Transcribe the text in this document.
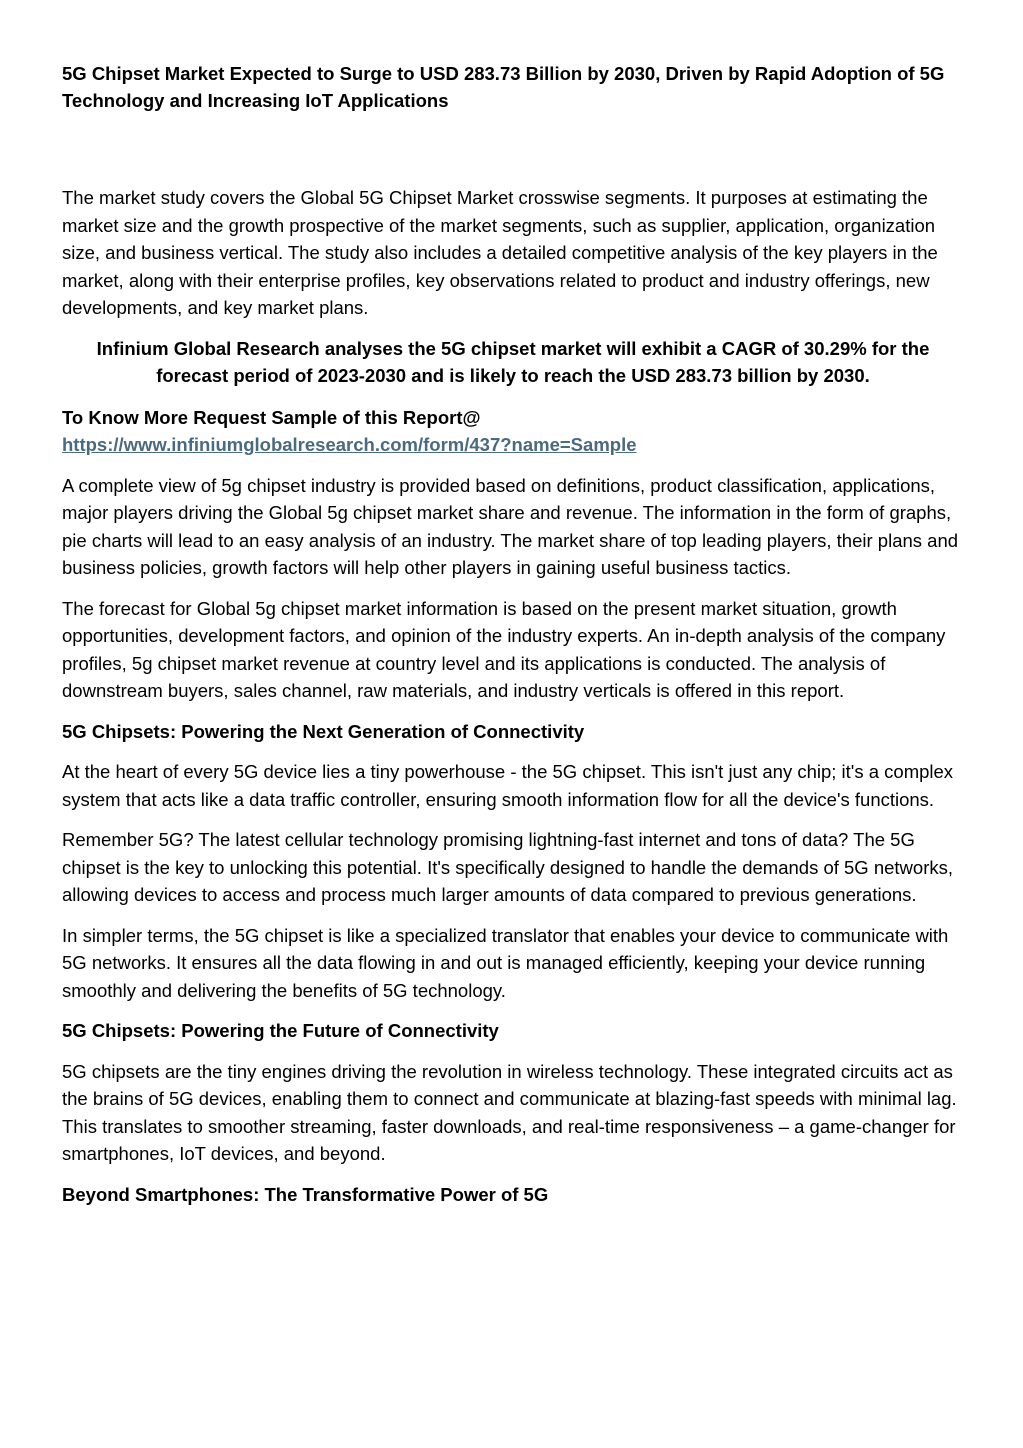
5G Chipset Market Expected to Surge to USD 283.73 Billion by 2030, Driven by Rapid Adoption of 5G Technology and Increasing IoT Applications

The market study covers the Global 5G Chipset Market crosswise segments. It purposes at estimating the market size and the growth prospective of the market segments, such as supplier, application, organization size, and business vertical. The study also includes a detailed competitive analysis of the key players in the market, along with their enterprise profiles, key observations related to product and industry offerings, new developments, and key market plans.

Infinium Global Research analyses the 5G chipset market will exhibit a CAGR of 30.29% for the forecast period of 2023-2030 and is likely to reach the USD 283.73 billion by 2030.

To Know More Request Sample of this Report@
https://www.infiniumglobalresearch.com/form/437?name=Sample

A complete view of 5g chipset industry is provided based on definitions, product classification, applications, major players driving the Global 5g chipset market share and revenue. The information in the form of graphs, pie charts will lead to an easy analysis of an industry. The market share of top leading players, their plans and business policies, growth factors will help other players in gaining useful business tactics.

The forecast for Global 5g chipset market information is based on the present market situation, growth opportunities, development factors, and opinion of the industry experts. An in-depth analysis of the company profiles, 5g chipset market revenue at country level and its applications is conducted. The analysis of downstream buyers, sales channel, raw materials, and industry verticals is offered in this report.

5G Chipsets: Powering the Next Generation of Connectivity

At the heart of every 5G device lies a tiny powerhouse - the 5G chipset. This isn't just any chip; it's a complex system that acts like a data traffic controller, ensuring smooth information flow for all the device's functions.

Remember 5G? The latest cellular technology promising lightning-fast internet and tons of data? The 5G chipset is the key to unlocking this potential. It's specifically designed to handle the demands of 5G networks, allowing devices to access and process much larger amounts of data compared to previous generations.

In simpler terms, the 5G chipset is like a specialized translator that enables your device to communicate with 5G networks. It ensures all the data flowing in and out is managed efficiently, keeping your device running smoothly and delivering the benefits of 5G technology.

5G Chipsets: Powering the Future of Connectivity

5G chipsets are the tiny engines driving the revolution in wireless technology. These integrated circuits act as the brains of 5G devices, enabling them to connect and communicate at blazing-fast speeds with minimal lag. This translates to smoother streaming, faster downloads, and real-time responsiveness – a game-changer for smartphones, IoT devices, and beyond.

Beyond Smartphones: The Transformative Power of 5G
